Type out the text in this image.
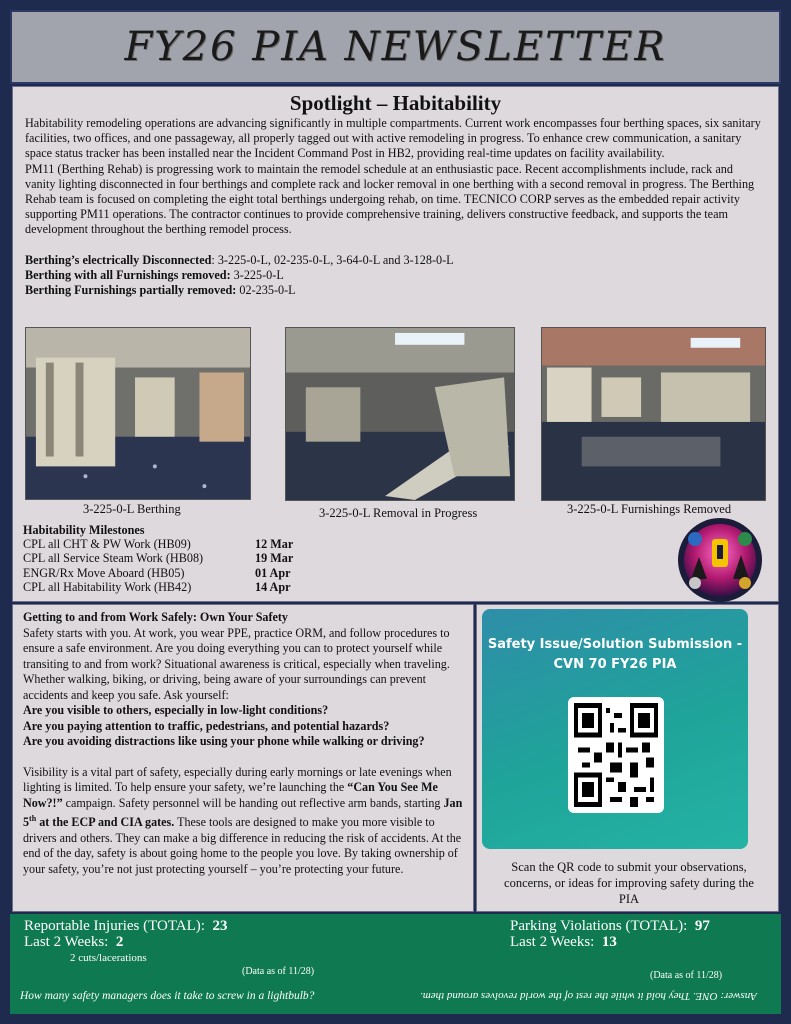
FY26 PIA NEWSLETTER
Spotlight – Habitability

Habitability remodeling operations are advancing significantly in multiple compartments. Current work encompasses four berthing spaces, six sanitary facilities, two offices, and one passageway, all properly tagged out with active remodeling in progress. To enhance crew communication, a sanitary space status tracker has been installed near the Incident Command Post in HB2, providing real-time updates on facility availability.

PM11 (Berthing Rehab) is progressing work to maintain the remodel schedule at an enthusiastic pace. Recent accomplishments include, rack and vanity lighting disconnected in four berthings and complete rack and locker removal in one berthing with a second removal in progress. The Berthing Rehab team is focused on completing the eight total berthings undergoing rehab, on time. TECNICO CORP serves as the embedded repair activity supporting PM11 operations. The contractor continues to provide comprehensive training, delivers constructive feedback, and supports the team development throughout the berthing remodel process.

Berthing’s electrically Disconnected: 3-225-0-L, 02-235-0-L, 3-64-0-L and 3-128-0-L

Berthing with all Furnishings removed: 3-225-0-L

Berthing Furnishings partially removed: 02-235-0-L

3-225-0-L Berthing	3-225-0-L Removal in Progress	3-225-0-L Furnishings Removed
Habitability Milestones
CPL all CHT & PW Work (HB09)	12 Mar
CPL all Service Steam Work (HB08)	19 Mar
ENGR/Rx Move Aboard (HB05)	01 Apr
CPL all Habitability Work (HB42)	14 Apr
Getting to and from Work Safely: Own Your Safety

Safety starts with you. At work, you wear PPE, practice ORM, and follow procedures to ensure a safe environment. Are you doing everything you can to protect yourself while transiting to and from work? Situational awareness is critical, especially when traveling. Whether walking, biking, or driving, being aware of your surroundings can prevent accidents and keep you safe. Ask yourself:

Are you visible to others, especially in low-light conditions?

Are you paying attention to traffic, pedestrians, and potential hazards?

Are you avoiding distractions like using your phone while walking or driving?

Visibility is a vital part of safety, especially during early mornings or late evenings when lighting is limited. To help ensure your safety, we’re launching the “Can You See Me Now?!” campaign. Safety personnel will be handing out reflective arm bands, starting Jan 5th at the ECP and CIA gates. These tools are designed to make you more visible to drivers and others. They can make a big difference in reducing the risk of accidents. At the end of the day, safety is about going home to the people you love. By taking ownership of your safety, you’re not just protecting yourself – you’re protecting your future.

Safety Issue/Solution Submission -
CVN 70 FY26 PIA
Scan the QR code to submit your observations, concerns, or ideas for improving safety during the PIA
Reportable Injuries (TOTAL): 23
Last 2 Weeks: 2
2 cuts/lacerations
(Data as of 11/28)
Parking Violations (TOTAL): 97
Last 2 Weeks: 13
(Data as of 11/28)
How many safety managers does it take to screw in a lightbulb?	Answer: ONE. They hold it while the rest of the world revolves around them.
